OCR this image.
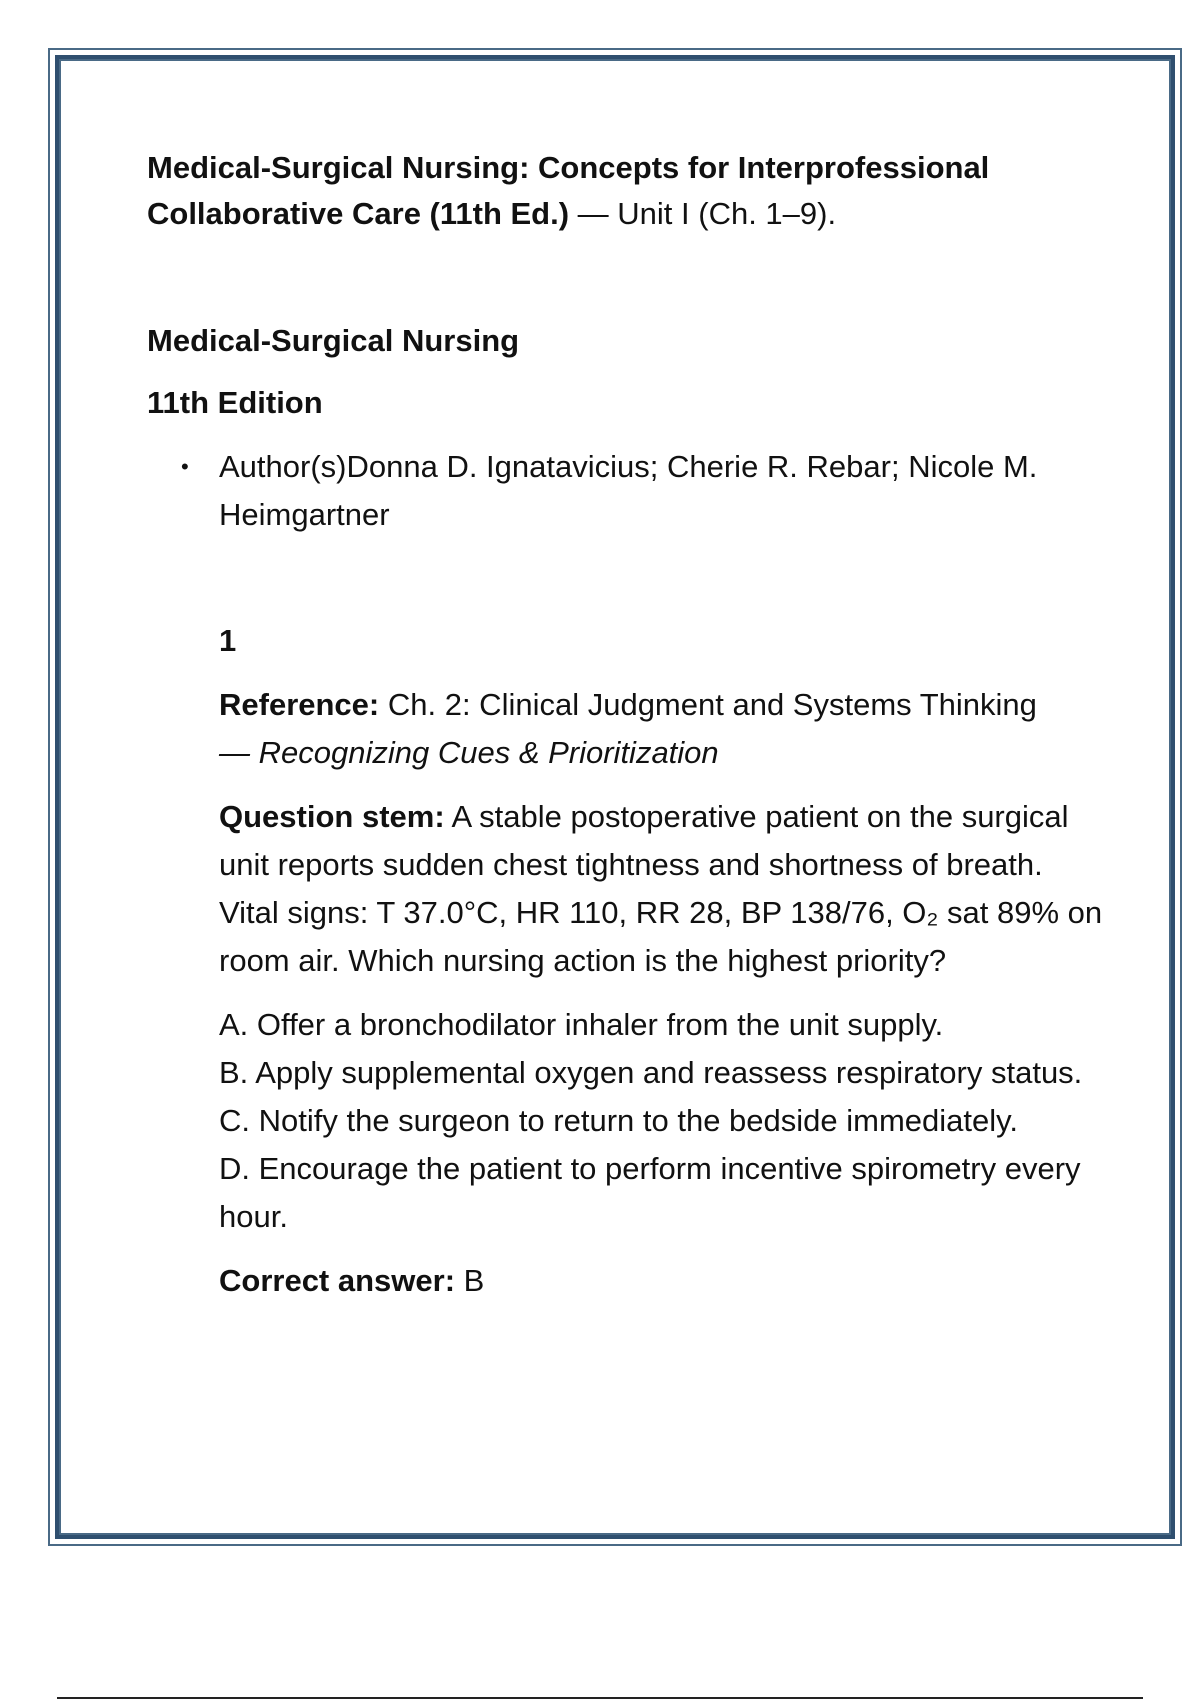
Medical-Surgical Nursing: Concepts for Interprofessional Collaborative Care (11th Ed.) — Unit I (Ch. 1–9).

Medical-Surgical Nursing

11th Edition

• Author(s)Donna D. Ignatavicius; Cherie R. Rebar; Nicole M. Heimgartner

1

Reference: Ch. 2: Clinical Judgment and Systems Thinking
— Recognizing Cues & Prioritization

Question stem: A stable postoperative patient on the surgical unit reports sudden chest tightness and shortness of breath. Vital signs: T 37.0°C, HR 110, RR 28, BP 138/76, O₂ sat 89% on room air. Which nursing action is the highest priority?

A. Offer a bronchodilator inhaler from the unit supply.
B. Apply supplemental oxygen and reassess respiratory status.
C. Notify the surgeon to return to the bedside immediately.
D. Encourage the patient to perform incentive spirometry every hour.

Correct answer: B
